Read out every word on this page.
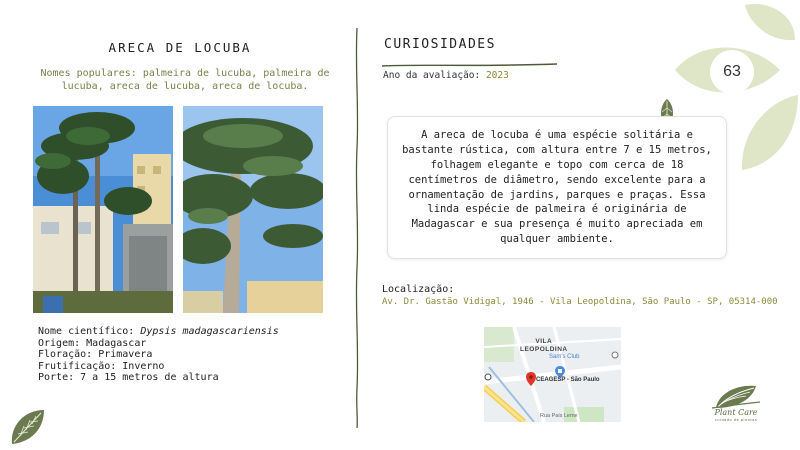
ARECA DE LOCUBA
Nomes populares: palmeira de lucuba, palmeira de lucuba, areca de lucuba, areca de locuba.
Nome científico: Dypsis madagascariensis
Origem: Madagascar
Floração: Primavera
Frutificação: Inverno
Porte: 7 a 15 metros de altura
CURIOSIDADES
Ano da avaliação: 2023	63
A areca de locuba é uma espécie solitária e bastante rústica, com altura entre 7 e 15 metros, folhagem elegante e topo com cerca de 18 centímetros de diâmetro, sendo excelente para a ornamentação de jardins, parques e praças. Essa linda espécie de palmeira é originária de Madagascar e sua presença é muito apreciada em qualquer ambiente.
Localização:
Av. Dr. Gastão Vidigal, 1946 - Vila Leopoldina, São Paulo - SP, 05314-000
VILA
LEOPOLDINA
Sam's Club
CEAGESP - São Paulo
Rua Pais Leme	Plant Care
cuidado de plantas
